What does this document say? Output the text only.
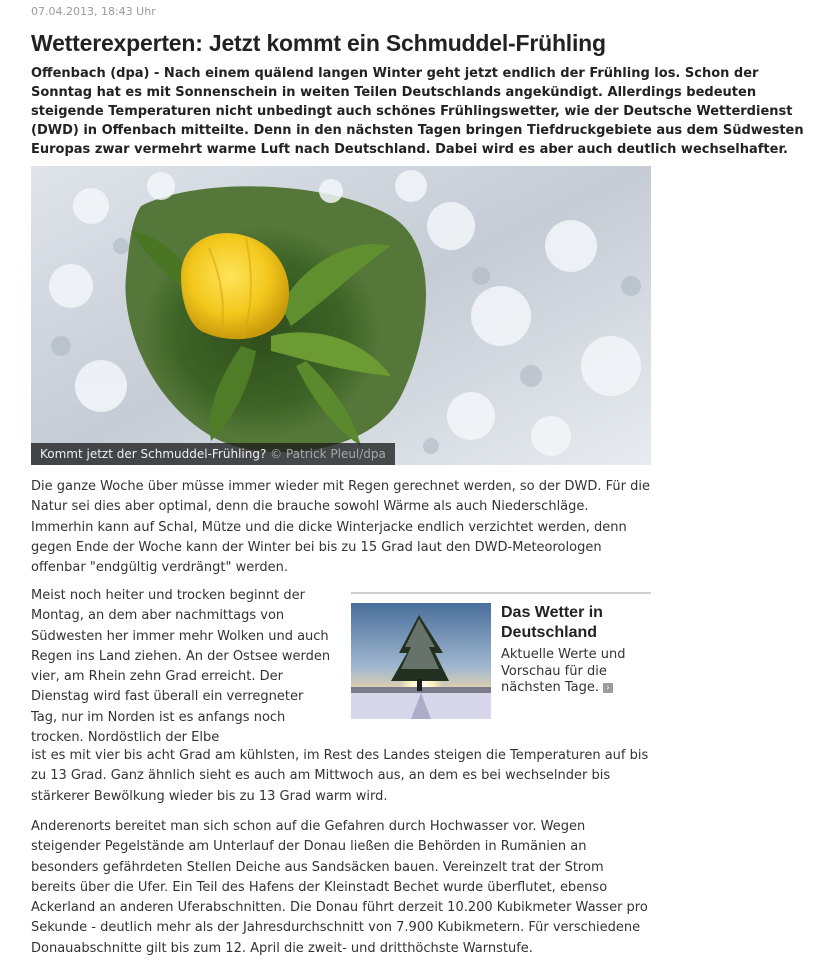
07.04.2013, 18:43 Uhr
Wetterexperten: Jetzt kommt ein Schmuddel-Frühling

Offenbach (dpa) - Nach einem quälend langen Winter geht jetzt endlich der Frühling los. Schon der Sonntag hat es mit Sonnenschein in weiten Teilen Deutschlands angekündigt. Allerdings bedeuten steigende Temperaturen nicht unbedingt auch schönes Frühlingswetter, wie der Deutsche Wetterdienst (DWD) in Offenbach mitteilte. Denn in den nächsten Tagen bringen Tiefdruckgebiete aus dem Südwesten Europas zwar vermehrt warme Luft nach Deutschland. Dabei wird es aber auch deutlich wechselhafter.

Kommt jetzt der Schmuddel-Frühling? © Patrick Pleul/dpa

Die ganze Woche über müsse immer wieder mit Regen gerechnet werden, so der DWD. Für die Natur sei dies aber optimal, denn die brauche sowohl Wärme als auch Niederschläge. Immerhin kann auf Schal, Mütze und die dicke Winterjacke endlich verzichtet werden, denn gegen Ende der Woche kann der Winter bei bis zu 15 Grad laut den DWD-Meteorologen offenbar "endgültig verdrängt" werden.

Meist noch heiter und trocken beginnt der Montag, an dem aber nachmittags von Südwesten her immer mehr Wolken und auch Regen ins Land ziehen. An der Ostsee werden vier, am Rhein zehn Grad erreicht. Der Dienstag wird fast überall ein verregneter Tag, nur im Norden ist es anfangs noch trocken. Nordöstlich der Elbe

Das Wetter in Deutschland

Aktuelle Werte und Vorschau für die nächsten Tage. ›

ist es mit vier bis acht Grad am kühlsten, im Rest des Landes steigen die Temperaturen auf bis zu 13 Grad. Ganz ähnlich sieht es auch am Mittwoch aus, an dem es bei wechselnder bis stärkerer Bewölkung wieder bis zu 13 Grad warm wird.

Anderenorts bereitet man sich schon auf die Gefahren durch Hochwasser vor. Wegen steigender Pegelstände am Unterlauf der Donau ließen die Behörden in Rumänien an besonders gefährdeten Stellen Deiche aus Sandsäcken bauen. Vereinzelt trat der Strom bereits über die Ufer. Ein Teil des Hafens der Kleinstadt Bechet wurde überflutet, ebenso Ackerland an anderen Uferabschnitten. Die Donau führt derzeit 10.200 Kubikmeter Wasser pro Sekunde - deutlich mehr als der Jahresdurchschnitt von 7.900 Kubikmetern. Für verschiedene Donauabschnitte gilt bis zum 12. April die zweit- und dritthöchste Warnstufe.
